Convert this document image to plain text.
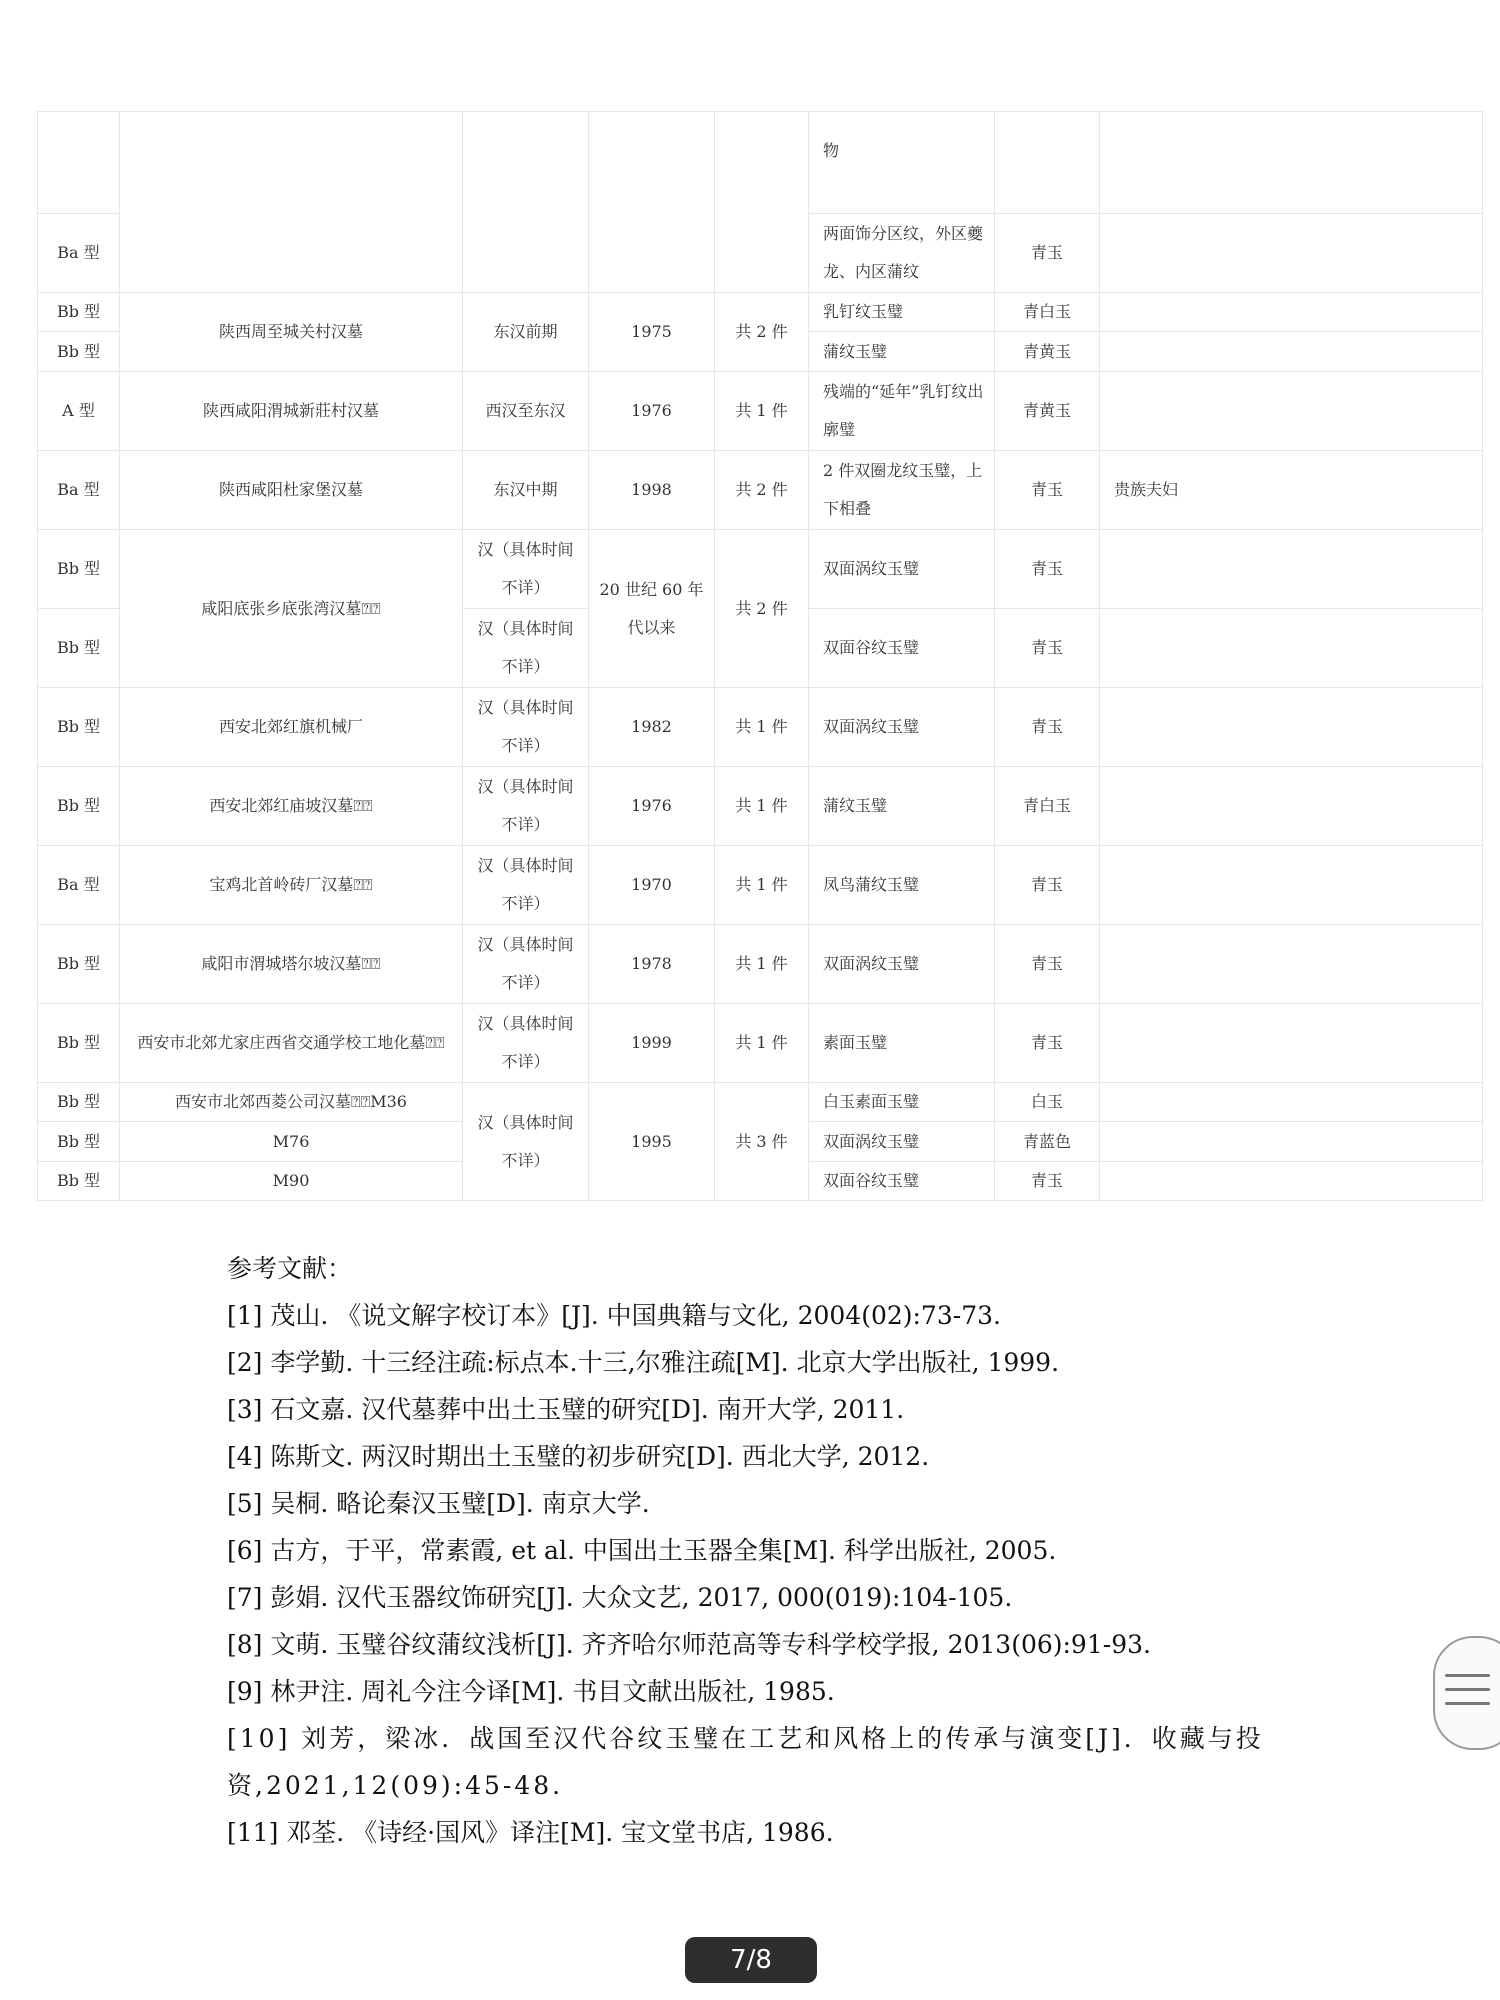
					物		
Ba 型					两面饰分区纹，外区夔龙、内区蒲纹	青玉	
Bb 型	陕西周至城关村汉墓	东汉前期	1975	共 2 件	乳钉纹玉璧	青白玉	
Bb 型					蒲纹玉璧	青黄玉	
A 型	陕西咸阳渭城新莊村汉墓	西汉至东汉	1976	共 1 件	残端的“延年”乳钉纹出廓璧	青黄玉	
Ba 型	陕西咸阳杜家堡汉墓	东汉中期	1998	共 2 件	2 件双圈龙纹玉璧，上下相叠	青玉	贵族夫妇
Bb 型	咸阳底张乡底张湾汉墓⍰⍰	汉（具体时间不详）	20 世纪 60 年代以来	共 2 件	双面涡纹玉璧	青玉	
Bb 型		汉（具体时间不详）			双面谷纹玉璧	青玉	
Bb 型	西安北郊红旗机械厂	汉（具体时间不详）	1982	共 1 件	双面涡纹玉璧	青玉	
Bb 型	西安北郊红庙坡汉墓⍰⍰	汉（具体时间不详）	1976	共 1 件	蒲纹玉璧	青白玉	
Ba 型	宝鸡北首岭砖厂汉墓⍰⍰	汉（具体时间不详）	1970	共 1 件	凤鸟蒲纹玉璧	青玉	
Bb 型	咸阳市渭城塔尔坡汉墓⍰⍰	汉（具体时间不详）	1978	共 1 件	双面涡纹玉璧	青玉	
Bb 型	西安市北郊尤家庄西省交通学校工地化墓⍰⍰	汉（具体时间不详）	1999	共 1 件	素面玉璧	青玉	
Bb 型	西安市北郊西菱公司汉墓⍰⍰M36	汉（具体时间不详）	1995	共 3 件	白玉素面玉璧	白玉	
Bb 型	M76				双面涡纹玉璧	青蓝色	
Bb 型	M90				双面谷纹玉璧	青玉	

参考文献：

[1] 茂山. 《说文解字校订本》[J]. 中国典籍与文化, 2004(02):73-73.

[2] 李学勤. 十三经注疏:标点本.十三,尔雅注疏[M]. 北京大学出版社, 1999.

[3] 石文嘉. 汉代墓葬中出土玉璧的研究[D]. 南开大学, 2011.

[4] 陈斯文. 两汉时期出土玉璧的初步研究[D]. 西北大学, 2012.

[5] 吴桐. 略论秦汉玉璧[D]. 南京大学.

[6] 古方，于平，常素霞, et al. 中国出土玉器全集[M]. 科学出版社, 2005.

[7] 彭娟. 汉代玉器纹饰研究[J]. 大众文艺, 2017, 000(019):104-105.

[8] 文萌. 玉璧谷纹蒲纹浅析[J]. 齐齐哈尔师范高等专科学校学报, 2013(06):91-93.

[9] 林尹注. 周礼今注今译[M]. 书目文献出版社, 1985.

[10] 刘芳，梁冰．战国至汉代谷纹玉璧在工艺和风格上的传承与演变[J]．收藏与投资,2021,12(09):45-48.

[11] 邓荃. 《诗经·国风》译注[M]. 宝文堂书店, 1986.

7/8
